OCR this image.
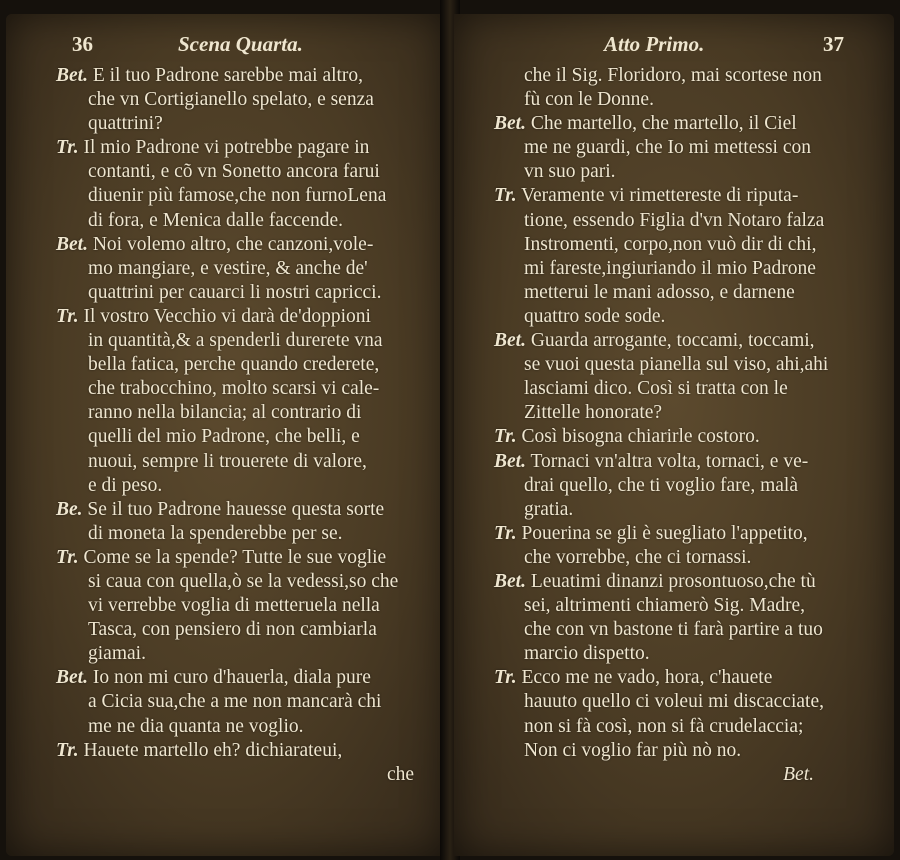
36	Scena Quarta.
Bet. E il tuo Padrone sarebbe mai altro,
che vn Cortigianello spelato, e senza
quattrini?
Tr. Il mio Padrone vi potrebbe pagare in
contanti, e cõ vn Sonetto ancora farui
diuenir più famose,che non furnoLena
di fora, e Menica dalle faccende.
Bet. Noi volemo altro, che canzoni,vole-
mo mangiare, e vestire, & anche de'
quattrini per cauarci li nostri capricci.
Tr. Il vostro Vecchio vi darà de'doppioni
in quantità,& a spenderli durerete vna
bella fatica, perche quando crederete,
che trabocchino, molto scarsi vi cale-
ranno nella bilancia; al contrario di
quelli del mio Padrone, che belli, e
nuoui, sempre li trouerete di valore,
e di peso.
Be. Se il tuo Padrone hauesse questa sorte
di moneta la spenderebbe per se.
Tr. Come se la spende? Tutte le sue voglie
si caua con quella,ò se la vedessi,so che
vi verrebbe voglia di metteruela nella
Tasca, con pensiero di non cambiarla
giamai.
Bet. Io non mi curo d'hauerla, diala pure
a Cicia sua,che a me non mancarà chi
me ne dia quanta ne voglio.
Tr. Hauete martello eh? dichiarateui,
che
Atto Primo.	37
che il Sig. Floridoro, mai scortese non
fù con le Donne.
Bet. Che martello, che martello, il Ciel
me ne guardi, che Io mi mettessi con
vn suo pari.
Tr. Veramente vi rimettereste di riputa-
tione, essendo Figlia d'vn Notaro falza
Instromenti, corpo,non vuò dir di chi,
mi fareste,ingiuriando il mio Padrone
metterui le mani adosso, e darnene
quattro sode sode.
Bet. Guarda arrogante, toccami, toccami,
se vuoi questa pianella sul viso, ahi,ahi
lasciami dico. Così si tratta con le
Zittelle honorate?
Tr. Così bisogna chiarirle costoro.
Bet. Tornaci vn'altra volta, tornaci, e ve-
drai quello, che ti voglio fare, malà
gratia.
Tr. Pouerina se gli è suegliato l'appetito,
che vorrebbe, che ci tornassi.
Bet. Leuatimi dinanzi prosontuoso,che tù
sei, altrimenti chiamerò Sig. Madre,
che con vn bastone ti farà partire a tuo
marcio dispetto.
Tr. Ecco me ne vado, hora, c'hauete
hauuto quello ci voleui mi discacciate,
non si fà così, non si fà crudelaccia;
Non ci voglio far più nò no.
Bet.
